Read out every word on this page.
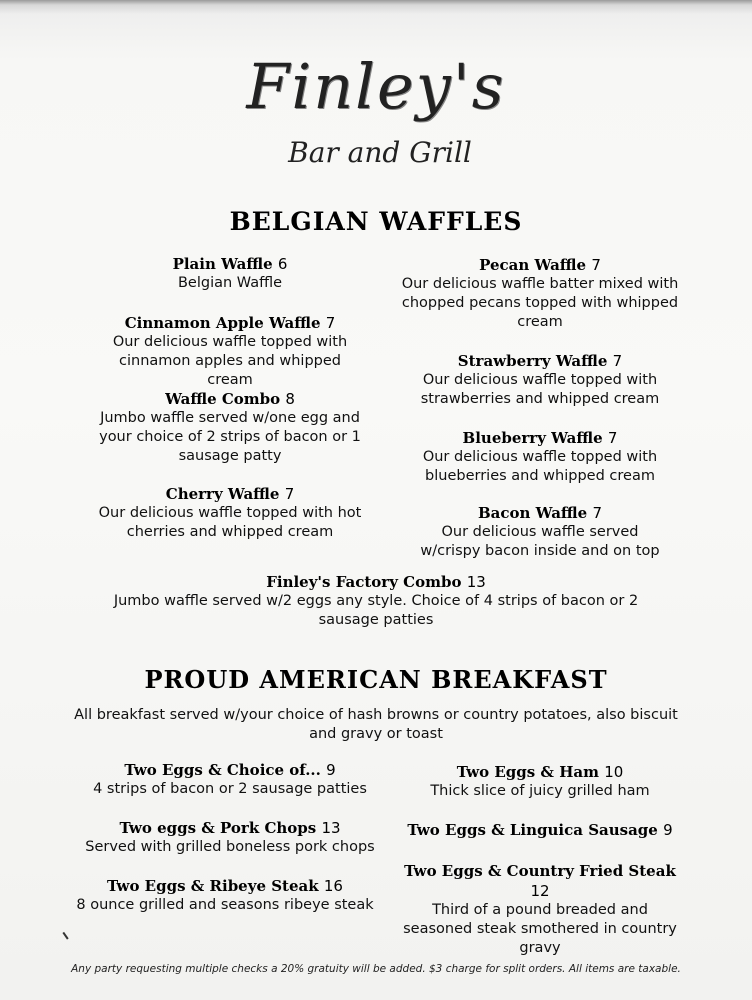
Finley's
Bar and Grill
BELGIAN WAFFLES
Plain Waffle 6
Belgian Waffle
Cinnamon Apple Waffle 7
Our delicious waffle topped with cinnamon apples and whipped cream
Waffle Combo 8
Jumbo waffle served w/one egg and your choice of 2 strips of bacon or 1 sausage patty
Cherry Waffle 7
Our delicious waffle topped with hot cherries and whipped cream
Pecan Waffle 7
Our delicious waffle batter mixed with chopped pecans topped with whipped cream
Strawberry Waffle 7
Our delicious waffle topped with strawberries and whipped cream
Blueberry Waffle 7
Our delicious waffle topped with blueberries and whipped cream
Bacon Waffle 7
Our delicious waffle served w/crispy bacon inside and on top
Finley's Factory Combo 13
Jumbo waffle served w/2 eggs any style. Choice of 4 strips of bacon or 2 sausage patties
PROUD AMERICAN BREAKFAST
All breakfast served w/your choice of hash browns or country potatoes, also biscuit and gravy or toast
Two Eggs & Choice of... 9
4 strips of bacon or 2 sausage patties
Two eggs & Pork Chops 13
Served with grilled boneless pork chops
Two Eggs & Ribeye Steak 16
8 ounce grilled and seasons ribeye steak
Two Eggs & Ham 10
Thick slice of juicy grilled ham
Two Eggs & Linguica Sausage 9
Two Eggs & Country Fried Steak
12
Third of a pound breaded and seasoned steak smothered in country gravy
Any party requesting multiple checks a 20% gratuity will be added. $3 charge for split orders. All items are taxable.
